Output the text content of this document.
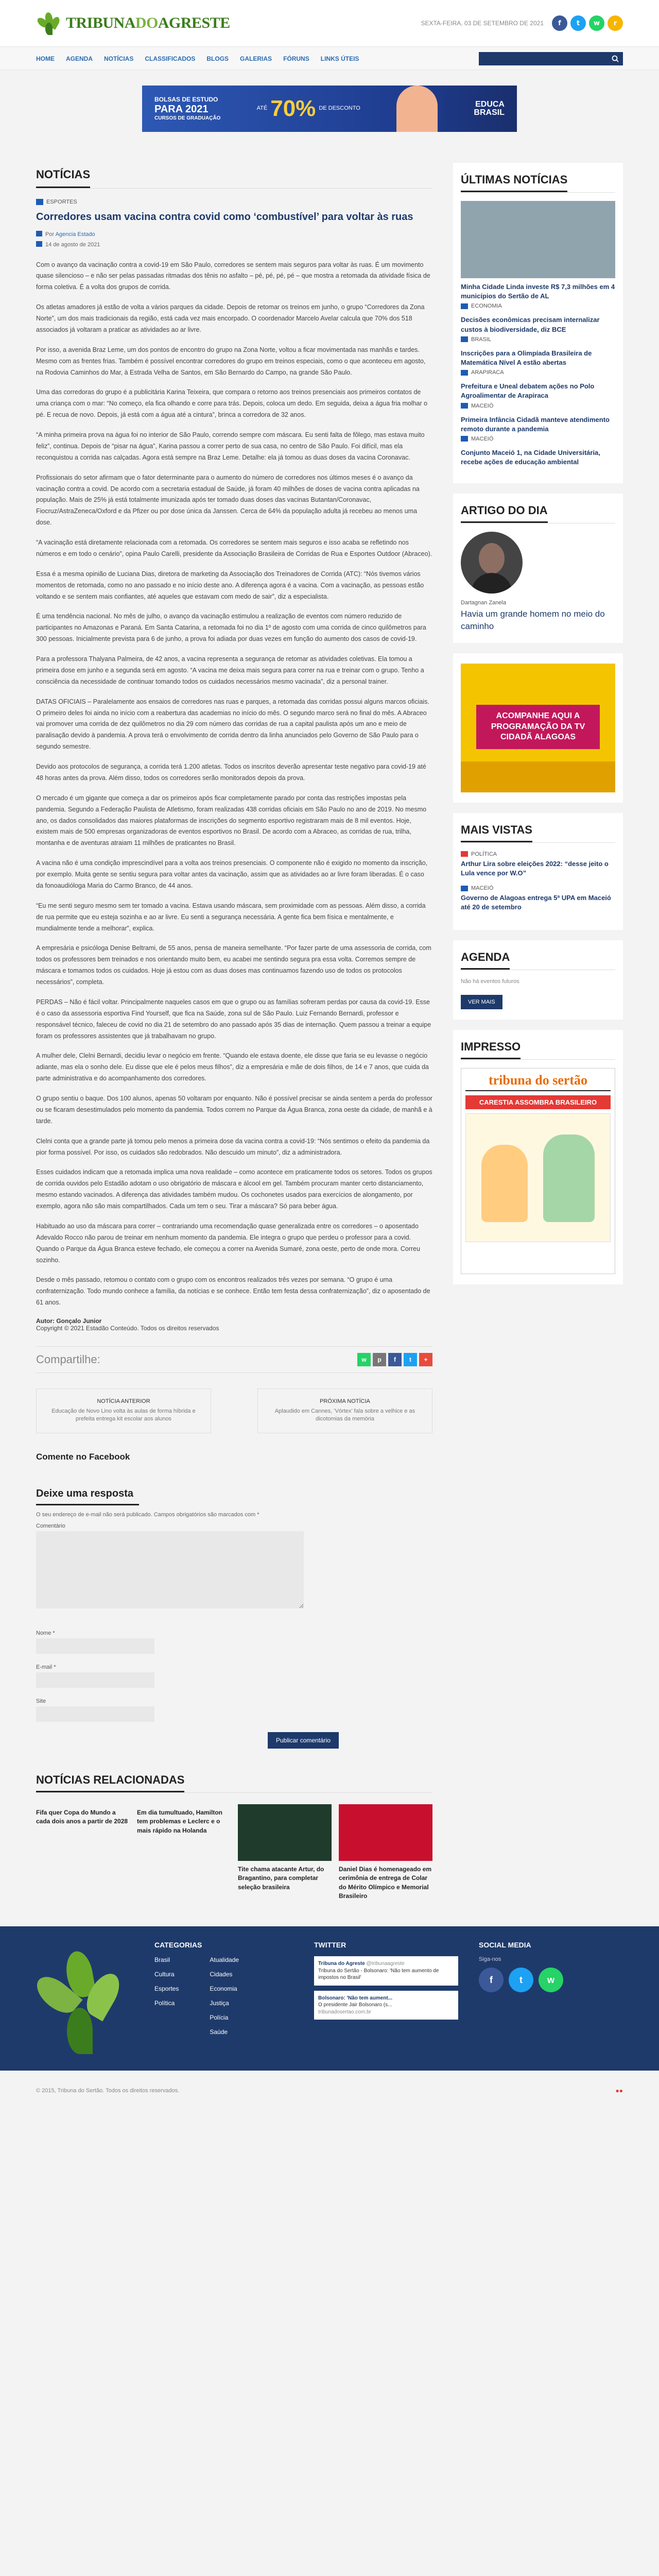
TRIBUNADOAGRESTE	SEXTA-FEIRA, 03 DE SETEMBRO DE 2021	f	t	w	r
HOME AGENDA NOTÍCIAS CLASSIFICADOS BLOGS GALERIAS FÓRUNS LINKS ÚTEIS
BOLSAS DE ESTUDO
PARA 2021
CURSOS DE GRADUAÇÃO
ATÉ 70% DE DESCONTO	EDUCA
BRASIL
NOTÍCIAS
ESPORTES
Corredores usam vacina contra covid como ‘combustível’ para voltar às ruas
Por Agencia Estado
14 de agosto de 2021

Com o avanço da vacinação contra a covid-19 em São Paulo, corredores se sentem mais seguros para voltar às ruas. É um movimento quase silencioso – e não ser pelas passadas ritmadas dos tênis no asfalto – pé, pé, pé, pé – que mostra a retomada da atividade física de forma coletiva. É a volta dos grupos de corrida.

Os atletas amadores já estão de volta a vários parques da cidade. Depois de retomar os treinos em junho, o grupo “Corredores da Zona Norte”, um dos mais tradicionais da região, está cada vez mais encorpado. O coordenador Marcelo Avelar calcula que 70% dos 518 associados já voltaram a praticar as atividades ao ar livre.

Por isso, a avenida Braz Leme, um dos pontos de encontro do grupo na Zona Norte, voltou a ficar movimentada nas manhãs e tardes. Mesmo com as frentes frias. Também é possível encontrar corredores do grupo em treinos especiais, como o que aconteceu em agosto, na Rodovia Caminhos do Mar, à Estrada Velha de Santos, em São Bernardo do Campo, na grande São Paulo.

Uma das corredoras do grupo é a publicitária Karina Teixeira, que compara o retorno aos treinos presenciais aos primeiros contatos de uma criança com o mar: “No começo, ela fica olhando e corre para trás. Depois, coloca um dedo. Em seguida, deixa a água fria molhar o pé. E recua de novo. Depois, já está com a água até a cintura”, brinca a corredora de 32 anos.

“A minha primeira prova na água foi no interior de São Paulo, correndo sempre com máscara. Eu senti falta de fôlego, mas estava muito feliz”, continua. Depois de “pisar na água”, Karina passou a correr perto de sua casa, no centro de São Paulo. Foi difícil, mas ela reconquistou a corrida nas calçadas. Agora está sempre na Braz Leme. Detalhe: ela já tomou as duas doses da vacina Coronavac.

Profissionais do setor afirmam que o fator determinante para o aumento do número de corredores nos últimos meses é o avanço da vacinação contra a covid. De acordo com a secretaria estadual de Saúde, já foram 40 milhões de doses de vacina contra aplicadas na população. Mais de 25% já está totalmente imunizada após ter tomado duas doses das vacinas Butantan/Coronavac, Fiocruz/AstraZeneca/Oxford e da Pfizer ou por dose única da Janssen. Cerca de 64% da população adulta já recebeu ao menos uma dose.

“A vacinação está diretamente relacionada com a retomada. Os corredores se sentem mais seguros e isso acaba se refletindo nos números e em todo o cenário”, opina Paulo Carelli, presidente da Associação Brasileira de Corridas de Rua e Esportes Outdoor (Abraceo).

Essa é a mesma opinião de Luciana Dias, diretora de marketing da Associação dos Treinadores de Corrida (ATC): “Nós tivemos vários momentos de retomada, como no ano passado e no início deste ano. A diferença agora é a vacina. Com a vacinação, as pessoas estão voltando e se sentem mais confiantes, até aqueles que estavam com medo de sair”, diz a especialista.

É uma tendência nacional. No mês de julho, o avanço da vacinação estimulou a realização de eventos com número reduzido de participantes no Amazonas e Paraná. Em Santa Catarina, a retomada foi no dia 1º de agosto com uma corrida de cinco quilômetros para 300 pessoas. Inicialmente prevista para 6 de junho, a prova foi adiada por duas vezes em função do aumento dos casos de covid-19.

Para a professora Thalyana Palmeira, de 42 anos, a vacina representa a segurança de retomar as atividades coletivas. Ela tomou a primeira dose em junho e a segunda será em agosto. “A vacina me deixa mais segura para correr na rua e treinar com o grupo. Tenho a consciência da necessidade de continuar tomando todos os cuidados necessários mesmo vacinada”, diz a personal trainer.

DATAS OFICIAIS – Paralelamente aos ensaios de corredores nas ruas e parques, a retomada das corridas possui alguns marcos oficiais. O primeiro deles foi ainda no início com a reabertura das academias no início do mês. O segundo marco será no final do mês. A Abraceo vai promover uma corrida de dez quilômetros no dia 29 com número das corridas de rua a capital paulista após um ano e meio de paralisação devido à pandemia. A prova terá o envolvimento de corrida dentro da linha anunciados pelo Governo de São Paulo para o segundo semestre.

Devido aos protocolos de segurança, a corrida terá 1.200 atletas. Todos os inscritos deverão apresentar teste negativo para covid-19 até 48 horas antes da prova. Além disso, todos os corredores serão monitorados depois da prova.

O mercado é um gigante que começa a dar os primeiros após ficar completamente parado por conta das restrições impostas pela pandemia. Segundo a Federação Paulista de Atletismo, foram realizadas 438 corridas oficiais em São Paulo no ano de 2019. No mesmo ano, os dados consolidados das maiores plataformas de inscrições do segmento esportivo registraram mais de 8 mil eventos. Hoje, existem mais de 500 empresas organizadoras de eventos esportivos no Brasil. De acordo com a Abraceo, as corridas de rua, trilha, montanha e de aventuras atraiam 11 milhões de praticantes no Brasil.

A vacina não é uma condição imprescindível para a volta aos treinos presenciais. O componente não é exigido no momento da inscrição, por exemplo. Muita gente se sentiu segura para voltar antes da vacinação, assim que as atividades ao ar livre foram liberadas. É o caso da fonoaudióloga Maria do Carmo Branco, de 44 anos.

“Eu me senti seguro mesmo sem ter tomado a vacina. Estava usando máscara, sem proximidade com as pessoas. Além disso, a corrida de rua permite que eu esteja sozinha e ao ar livre. Eu senti a segurança necessária. A gente fica bem física e mentalmente, e mundialmente tende a melhorar”, explica.

A empresária e psicóloga Denise Beltrami, de 55 anos, pensa de maneira semelhante. “Por fazer parte de uma assessoria de corrida, com todos os professores bem treinados e nos orientando muito bem, eu acabei me sentindo segura pra essa volta. Corremos sempre de máscara e tomamos todos os cuidados. Hoje já estou com as duas doses mas continuamos fazendo uso de todos os protocolos necessários”, completa.

PERDAS – Não é fácil voltar. Principalmente naqueles casos em que o grupo ou as famílias sofreram perdas por causa da covid-19. Esse é o caso da assessoria esportiva Find Yourself, que fica na Saúde, zona sul de São Paulo. Luiz Fernando Bernardi, professor e responsável técnico, faleceu de covid no dia 21 de setembro do ano passado após 35 dias de internação. Quem passou a treinar a equipe foram os professores assistentes que já trabalhavam no grupo.

A mulher dele, Clelni Bernardi, decidiu levar o negócio em frente. “Quando ele estava doente, ele disse que faria se eu levasse o negócio adiante, mas ela o sonho dele. Eu disse que ele é pelos meus filhos”, diz a empresária e mãe de dois filhos, de 14 e 7 anos, que cuida da parte administrativa e do acompanhamento dos corredores.

O grupo sentiu o baque. Dos 100 alunos, apenas 50 voltaram por enquanto. Não é possível precisar se ainda sentem a perda do professor ou se ficaram desestimulados pelo momento da pandemia. Todos correm no Parque da Água Branca, zona oeste da cidade, de manhã e à tarde.

Clelni conta que a grande parte já tomou pelo menos a primeira dose da vacina contra a covid-19: “Nós sentimos o efeito da pandemia da pior forma possível. Por isso, os cuidados são redobrados. Não descuido um minuto”, diz a administradora.

Esses cuidados indicam que a retomada implica uma nova realidade – como acontece em praticamente todos os setores. Todos os grupos de corrida ouvidos pelo Estadão adotam o uso obrigatório de máscara e álcool em gel. Também procuram manter certo distanciamento, mesmo estando vacinados. A diferença das atividades também mudou. Os cochonetes usados para exercícios de alongamento, por exemplo, agora não são mais compartilhados. Cada um tem o seu. Tirar a máscara? Só para beber água.

Habituado ao uso da máscara para correr – contrariando uma recomendação quase generalizada entre os corredores – o aposentado Adevaldo Rocco não parou de treinar em nenhum momento da pandemia. Ele integra o grupo que perdeu o professor para a covid. Quando o Parque da Água Branca esteve fechado, ele começou a correr na Avenida Sumaré, zona oeste, perto de onde mora. Correu sozinho.

Desde o mês passado, retomou o contato com o grupo com os encontros realizados três vezes por semana. “O grupo é uma confraternização. Todo mundo conhece a família, da notícias e se conhece. Então tem festa dessa confraternização”, diz o aposentado de 61 anos.

Autor: Gonçalo Junior

Copyright © 2021 Estadão Conteúdo. Todos os direitos reservados

Compartilhe:	w	p	f	t	+
NOTÍCIA ANTERIOR
Educação de Novo Lino volta às aulas de forma híbrida e prefeita entrega kit escolar aos alunos
PRÓXIMA NOTÍCIA
Aplaudido em Cannes, ‘Vórtex’ fala sobre a velhice e as dicotomias da memória
Comente no Facebook
Deixe uma resposta
O seu endereço de e-mail não será publicado. Campos obrigatórios são marcados com *
Comentário
Nome *
E-mail *
Site
Publicar comentário
NOTÍCIAS RELACIONADAS
Fifa quer Copa do Mundo a cada dois anos a partir de 2028
Em dia tumultuado, Hamilton tem problemas e Leclerc e o mais rápido na Holanda
Tite chama atacante Artur, do Bragantino, para completar seleção brasileira
Daniel Dias é homenageado em cerimônia de entrega de Colar do Mérito Olímpico e Memorial Brasileiro
ÚLTIMAS NOTÍCIAS
Minha Cidade Linda investe R$ 7,3 milhões em 4 municípios do Sertão de AL
ECONOMIA
Decisões econômicas precisam internalizar custos à biodiversidade, diz BCE
BRASIL
Inscrições para a Olimpíada Brasileira de Matemática Nível A estão abertas
ARAPIRACA
Prefeitura e Uneal debatem ações no Polo Agroalimentar de Arapiraca
MACEIÓ
Primeira Infância Cidadã manteve atendimento remoto durante a pandemia
MACEIÓ
Conjunto Maceió 1, na Cidade Universitária, recebe ações de educação ambiental
ARTIGO DO DIA
Dartagnan Zanela
Havia um grande homem no meio do caminho
ACOMPANHE AQUI A PROGRAMAÇÃO DA TV CIDADÃ ALAGOAS
MAIS VISTAS
POLÍTICA
Arthur Lira sobre eleições 2022: “desse jeito o Lula vence por W.O”
MACEIÓ
Governo de Alagoas entrega 5ª UPA em Maceió até 20 de setembro
AGENDA
Não há eventos futuros
VER MAIS
IMPRESSO
tribuna do sertão
CARESTIA ASSOMBRA BRASILEIRO
CATEGORIAS
Brasil
Cultura
Esportes
Política
Atualidade
Cidades
Economia
Justiça
Polícia
Saúde
TWITTER
Tribuna do Agreste @tribunaagreste
Tribuna do Sertão - Bolsonaro: 'Não tem aumento de impostos no Brasil'
Bolsonaro: 'Não tem aument...
O presidente Jair Bolsonaro (s...
tribunadosertao.com.br
SOCIAL MEDIA
Siga-nos
f	t	w
© 2015, Tribuna do Sertão. Todos os direitos reservados.	●●
